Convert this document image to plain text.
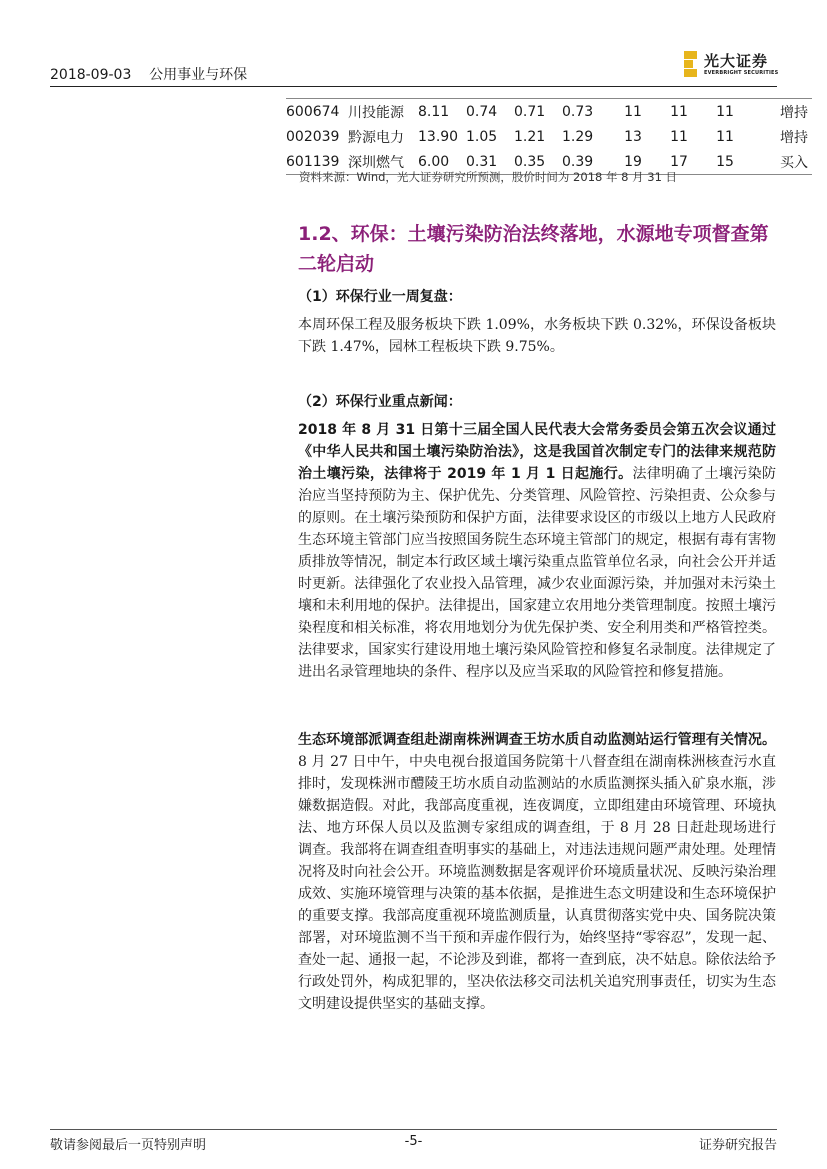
2018-09-03    公用事业与环保
光大证券
EVERBRIGHT SECURITIES
600674	川投能源	8.11	0.74	0.71	0.73	11	11	11	增持
002039	黔源电力	13.90	1.05	1.21	1.29	13	11	11	增持
601139	深圳燃气	6.00	0.31	0.35	0.39	19	17	15	买入
资料来源：Wind，光大证券研究所预测，股价时间为 2018 年 8 月 31 日
1.2、环保：土壤污染防治法终落地，水源地专项督查第二轮启动
（1）环保行业一周复盘：
本周环保工程及服务板块下跌 1.09%，水务板块下跌 0.32%，环保设备板块下跌 1.47%，园林工程板块下跌 9.75%。
（2）环保行业重点新闻：
2018 年 8 月 31 日第十三届全国人民代表大会常务委员会第五次会议通过《中华人民共和国土壤污染防治法》，这是我国首次制定专门的法律来规范防治土壤污染，法律将于 2019 年 1 月 1 日起施行。法律明确了土壤污染防治应当坚持预防为主、保护优先、分类管理、风险管控、污染担责、公众参与的原则。在土壤污染预防和保护方面，法律要求设区的市级以上地方人民政府生态环境主管部门应当按照国务院生态环境主管部门的规定，根据有毒有害物质排放等情况，制定本行政区域土壤污染重点监管单位名录，向社会公开并适时更新。法律强化了农业投入品管理，减少农业面源污染，并加强对未污染土壤和未利用地的保护。法律提出，国家建立农用地分类管理制度。按照土壤污染程度和相关标准，将农用地划分为优先保护类、安全利用类和严格管控类。法律要求，国家实行建设用地土壤污染风险管控和修复名录制度。法律规定了进出名录管理地块的条件、程序以及应当采取的风险管控和修复措施。
生态环境部派调查组赴湖南株洲调查王坊水质自动监测站运行管理有关情况。8 月 27 日中午，中央电视台报道国务院第十八督查组在湖南株洲核查污水直排时，发现株洲市醴陵王坊水质自动监测站的水质监测探头插入矿泉水瓶，涉嫌数据造假。对此，我部高度重视，连夜调度，立即组建由环境管理、环境执法、地方环保人员以及监测专家组成的调查组，于 8 月 28 日赶赴现场进行调查。我部将在调查组查明事实的基础上，对违法违规问题严肃处理。处理情况将及时向社会公开。环境监测数据是客观评价环境质量状况、反映污染治理成效、实施环境管理与决策的基本依据，是推进生态文明建设和生态环境保护的重要支撑。我部高度重视环境监测质量，认真贯彻落实党中央、国务院决策部署，对环境监测不当干预和弄虚作假行为，始终坚持“零容忍”，发现一起、查处一起、通报一起，不论涉及到谁，都将一查到底，决不姑息。除依法给予行政处罚外，构成犯罪的，坚决依法移交司法机关追究刑事责任，切实为生态文明建设提供坚实的基础支撑。
敬请参阅最后一页特别声明	-5-	证券研究报告
